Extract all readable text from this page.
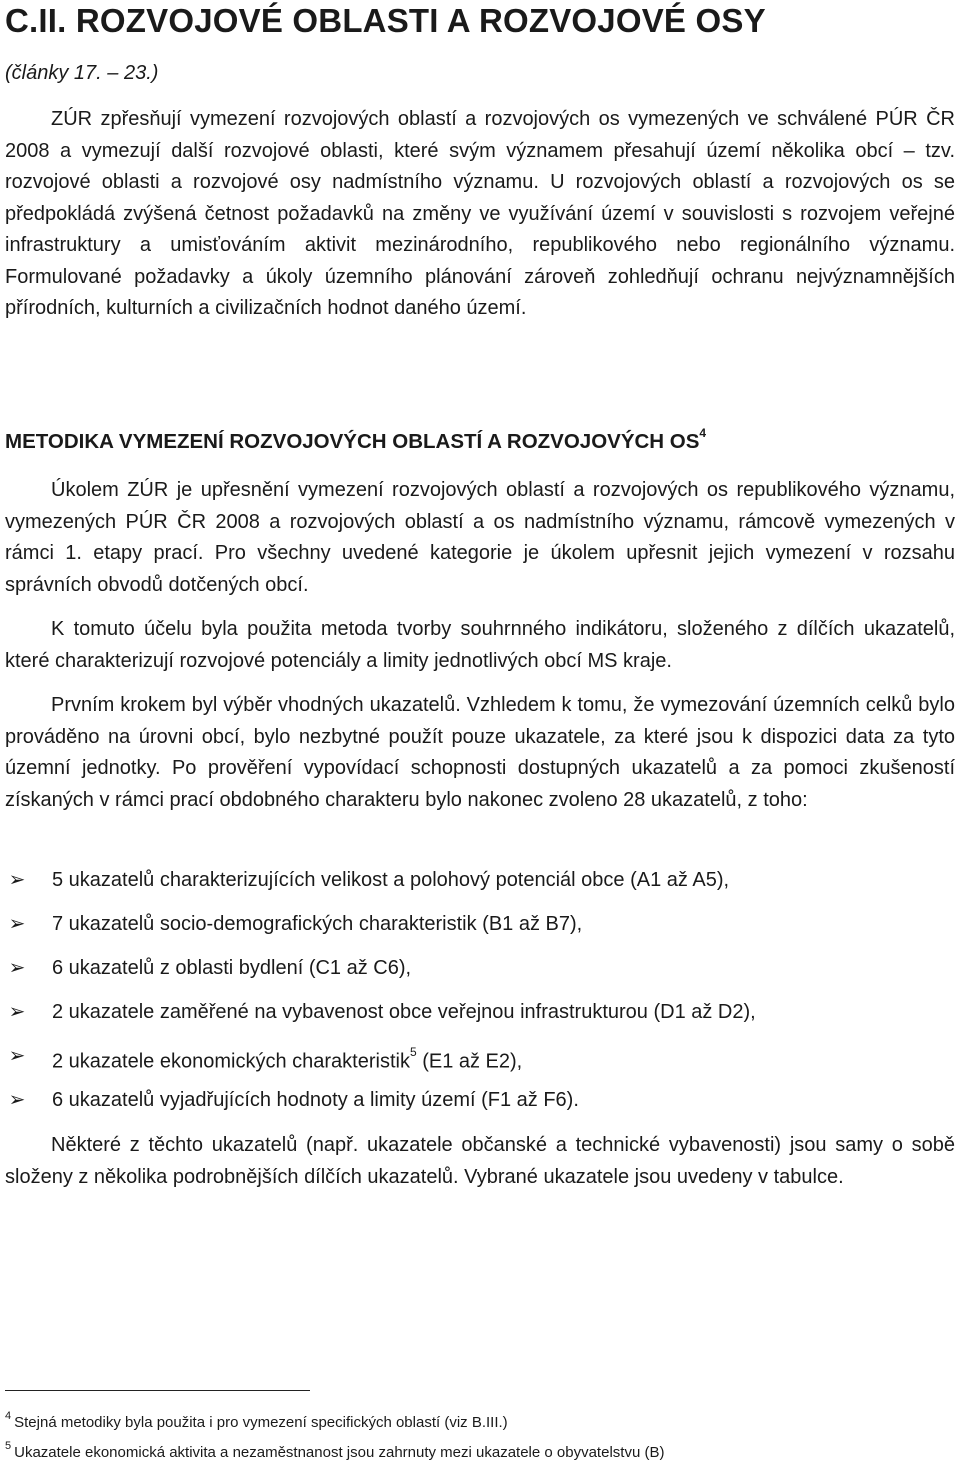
C.II. ROZVOJOVÉ OBLASTI A ROZVOJOVÉ OSY
(články 17. – 23.)

ZÚR zpřesňují vymezení rozvojových oblastí a rozvojových os vymezených ve schválené PÚR ČR 2008 a vymezují další rozvojové oblasti, které svým významem přesahují území několika obcí – tzv. rozvojové oblasti a rozvojové osy nadmístního významu. U rozvojových oblastí a rozvojových os se předpokládá zvýšená četnost požadavků na změny ve využívání území v souvislosti s rozvojem veřejné infrastruktury a umisťováním aktivit mezinárodního, republikového nebo regionálního významu. Formulované požadavky a úkoly územního plánování zároveň zohledňují ochranu nejvýznamnějších přírodních, kulturních a civilizačních hodnot daného území.

METODIKA VYMEZENÍ ROZVOJOVÝCH OBLASTÍ A ROZVOJOVÝCH $OS^4$

Úkolem ZÚR je upřesnění vymezení rozvojových oblastí a rozvojových os republikového významu, vymezených PÚR ČR 2008 a rozvojových oblastí a os nadmístního významu, rámcově vymezených v rámci 1. etapy prací. Pro všechny uvedené kategorie je úkolem upřesnit jejich vymezení v rozsahu správních obvodů dotčených obcí.

K tomuto účelu byla použita metoda tvorby souhrnného indikátoru, složeného z dílčích ukazatelů, které charakterizují rozvojové potenciály a limity jednotlivých obcí MS kraje.

Prvním krokem byl výběr vhodných ukazatelů. Vzhledem k tomu, že vymezování územních celků bylo prováděno na úrovni obcí, bylo nezbytné použít pouze ukazatele, za které jsou k dispozici data za tyto územní jednotky. Po prověření vypovídací schopnosti dostupných ukazatelů a za pomoci zkušeností získaných v rámci prací obdobného charakteru bylo nakonec zvoleno 28 ukazatelů, z toho:

➢ 5 ukazatelů charakterizujících velikost a polohový potenciál obce (A1 až A5),
➢ 7 ukazatelů socio-demografických charakteristik (B1 až B7),
➢ 6 ukazatelů z oblasti bydlení (C1 až C6),
➢ 2 ukazatele zaměřené na vybavenost obce veřejnou infrastrukturou (D1 až D2),
➢ 2 ukazatele ekonomických charakteristik$^5$ (E1 až E2),
➢ 6 ukazatelů vyjadřujících hodnoty a limity území (F1 až F6).

Některé z těchto ukazatelů (např. ukazatele občanské a technické vybavenosti) jsou samy o sobě složeny z několika podrobnějších dílčích ukazatelů. Vybrané ukazatele jsou uvedeny v tabulce.

$^4$ Stejná metodiky byla použita i pro vymezení specifických oblastí (viz B.III.)
$^5$ Ukazatele ekonomická aktivita a nezaměstnanost jsou zahrnuty mezi ukazatele o obyvatelstvu (B)
